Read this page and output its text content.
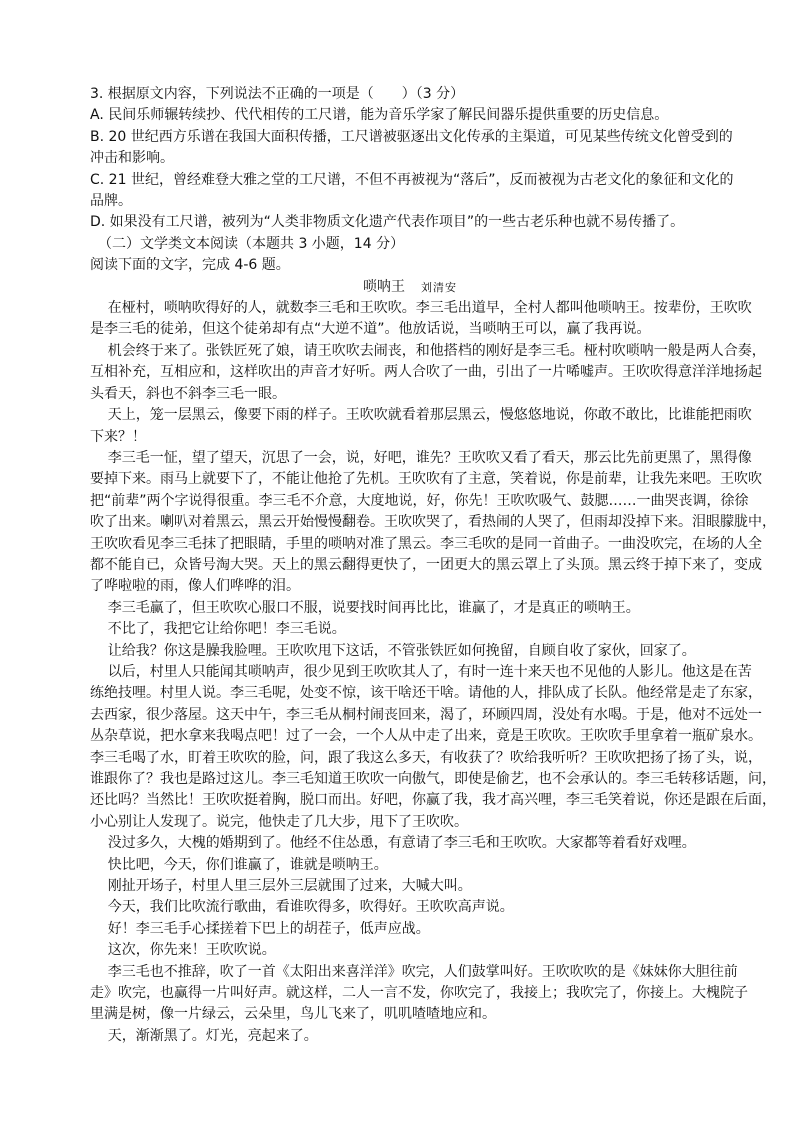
3. 根据原文内容，下列说法不正确的一项是（　　）（3 分）

A. 民间乐师辗转续抄、代代相传的工尺谱，能为音乐学家了解民间器乐提供重要的历史信息。

B. 20 世纪西方乐谱在我国大面积传播，工尺谱被驱逐出文化传承的主渠道，可见某些传统文化曾受到的

冲击和影响。

C. 21 世纪，曾经难登大雅之堂的工尺谱，不但不再被视为“落后”，反而被视为古老文化的象征和文化的

品牌。

D. 如果没有工尺谱，被列为“人类非物质文化遗产代表作项目”的一些古老乐种也就不易传播了。

（二）文学类文本阅读（本题共 3 小题，14 分）

阅读下面的文字，完成 4-6 题。

唢呐王 刘清安

在桠村，唢呐吹得好的人，就数李三毛和王吹吹。李三毛出道早，全村人都叫他唢呐王。按辈份，王吹吹

是李三毛的徒弟，但这个徒弟却有点“大逆不道”。他放话说，当唢呐王可以，赢了我再说。

机会终于来了。张铁匠死了娘，请王吹吹去闹丧，和他搭档的刚好是李三毛。桠村吹唢呐一般是两人合奏，

互相补充，互相应和，这样吹出的声音才好听。两人合吹了一曲，引出了一片唏嘘声。王吹吹得意洋洋地扬起

头看天，斜也不斜李三毛一眼。

天上，笼一层黑云，像要下雨的样子。王吹吹就看着那层黑云，慢悠悠地说，你敢不敢比，比谁能把雨吹

下来？！

李三毛一怔，望了望天，沉思了一会，说，好吧，谁先？王吹吹又看了看天，那云比先前更黑了，黑得像

要掉下来。雨马上就要下了，不能让他抢了先机。王吹吹有了主意，笑着说，你是前辈，让我先来吧。王吹吹

把“前辈”两个字说得很重。李三毛不介意，大度地说，好，你先！王吹吹吸气、鼓腮……一曲哭丧调，徐徐

吹了出来。喇叭对着黑云，黑云开始慢慢翻卷。王吹吹哭了，看热闹的人哭了，但雨却没掉下来。泪眼朦胧中，

王吹吹看见李三毛抹了把眼睛，手里的唢呐对准了黑云。李三毛吹的是同一首曲子。一曲没吹完，在场的人全

都不能自已，众皆号淘大哭。天上的黑云翻得更快了，一团更大的黑云罩上了头顶。黑云终于掉下来了，变成

了哗啦啦的雨，像人们哗哗的泪。

李三毛赢了，但王吹吹心服口不服，说要找时间再比比，谁赢了，才是真正的唢呐王。

不比了，我把它让给你吧！李三毛说。

让给我？你这是臊我脸哩。王吹吹甩下这话，不管张铁匠如何挽留，自顾自收了家伙，回家了。

以后，村里人只能闻其唢呐声，很少见到王吹吹其人了，有时一连十来天也不见他的人影儿。他这是在苦

练绝技哩。村里人说。李三毛呢，处变不惊，该干啥还干啥。请他的人，排队成了长队。他经常是走了东家，

去西家，很少落屋。这天中午，李三毛从桐村闹丧回来，渴了，环顾四周，没处有水喝。于是，他对不远处一

丛杂草说，把水拿来我喝点吧！过了一会，一个人从中走了出来，竟是王吹吹。王吹吹手里拿着一瓶矿泉水。

李三毛喝了水，盯着王吹吹的脸，问，跟了我这么多天，有收获了？吹给我听听？王吹吹把扬了扬了头，说，

谁跟你了？我也是路过这儿。李三毛知道王吹吹一向傲气，即使是偷艺，也不会承认的。李三毛转移话题，问，

还比吗？当然比！王吹吹挺着胸，脱口而出。好吧，你赢了我，我才高兴哩，李三毛笑着说，你还是跟在后面，

小心别让人发现了。说完，他快走了几大步，甩下了王吹吹。

没过多久，大槐的婚期到了。他经不住怂恿，有意请了李三毛和王吹吹。大家都等着看好戏哩。

快比吧，今天，你们谁赢了，谁就是唢呐王。

刚扯开场子，村里人里三层外三层就围了过来，大喊大叫。

今天，我们比吹流行歌曲，看谁吹得多，吹得好。王吹吹高声说。

好！李三毛手心揉搓着下巴上的胡茬子，低声应战。

这次，你先来！王吹吹说。

李三毛也不推辞，吹了一首《太阳出来喜洋洋》吹完，人们鼓掌叫好。王吹吹吹的是《妹妹你大胆往前

走》吹完，也赢得一片叫好声。就这样，二人一言不发，你吹完了，我接上；我吹完了，你接上。大槐院子

里满是树，像一片绿云，云朵里，鸟儿飞来了，叽叽喳喳地应和。

天，渐渐黑了。灯光，亮起来了。
